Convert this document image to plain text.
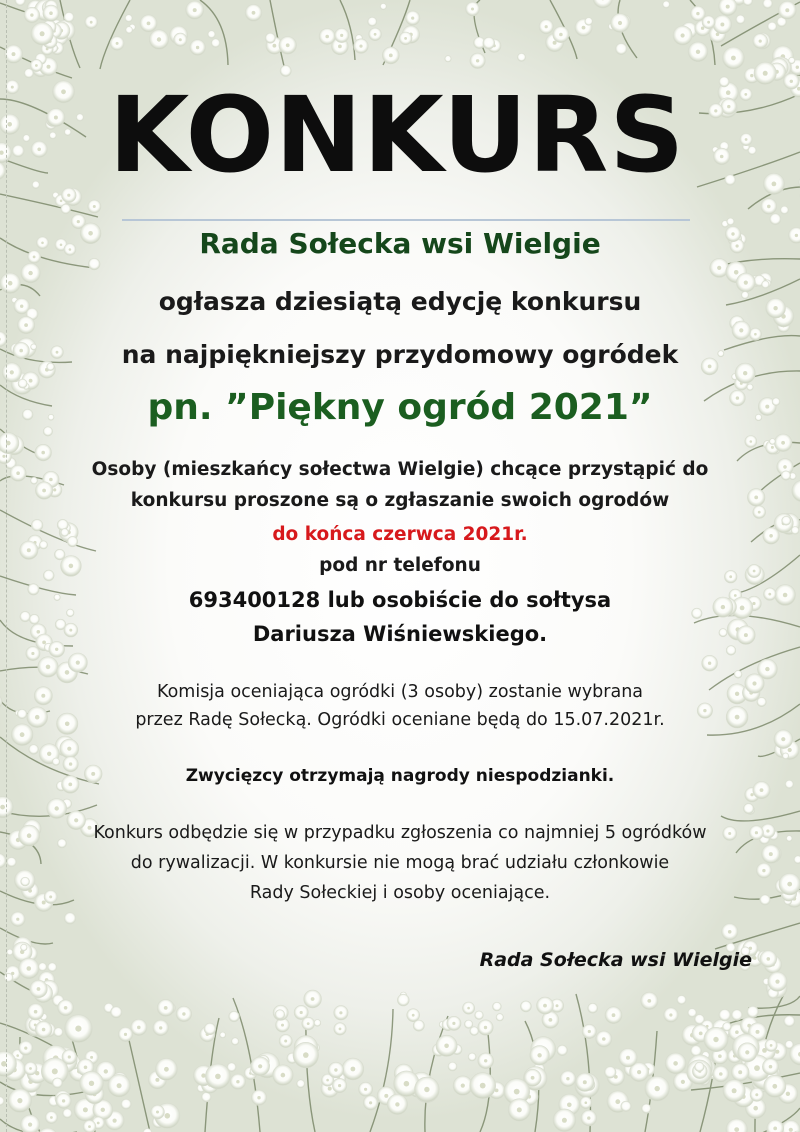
KONKURS

Rada Sołecka wsi Wielgie

ogłasza dziesiątą edycję konkursu

na najpiękniejszy przydomowy ogródek

pn. ”Piękny ogród 2021”

Osoby (mieszkańcy sołectwa Wielgie) chcące przystąpić do

konkursu proszone są o zgłaszanie swoich ogrodów

do końca czerwca 2021r.

pod nr telefonu

693400128 lub osobiście do sołtysa

Dariusza Wiśniewskiego.

Komisja oceniająca ogródki (3 osoby) zostanie wybrana

przez Radę Sołecką. Ogródki oceniane będą do 15.07.2021r.

Zwycięzcy otrzymają nagrody niespodzianki.

Konkurs odbędzie się w przypadku zgłoszenia co najmniej 5 ogródków

do rywalizacji. W konkursie nie mogą brać udziału członkowie

Rady Sołeckiej i osoby oceniające.

Rada Sołecka wsi Wielgie
